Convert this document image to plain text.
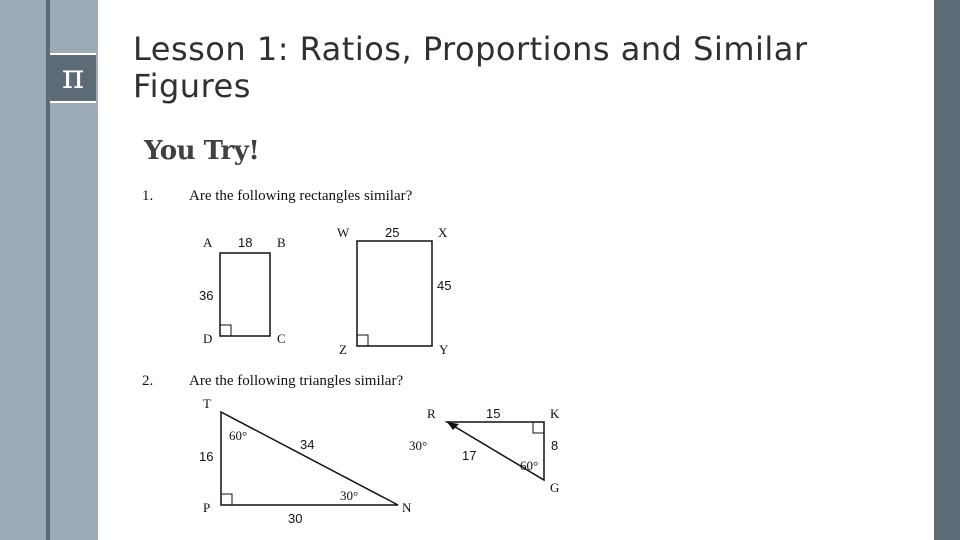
π
Lesson 1: Ratios, Proportions and Similar Figures
You Try!
1. Are the following rectangles similar?
2. Are the following triangles similar?
A 18 B
36
D	C
W	25	X
45
Z	Y
T
60°
34
16
30°
P	N
30
R	15	K
30°	8
17
60°
G
